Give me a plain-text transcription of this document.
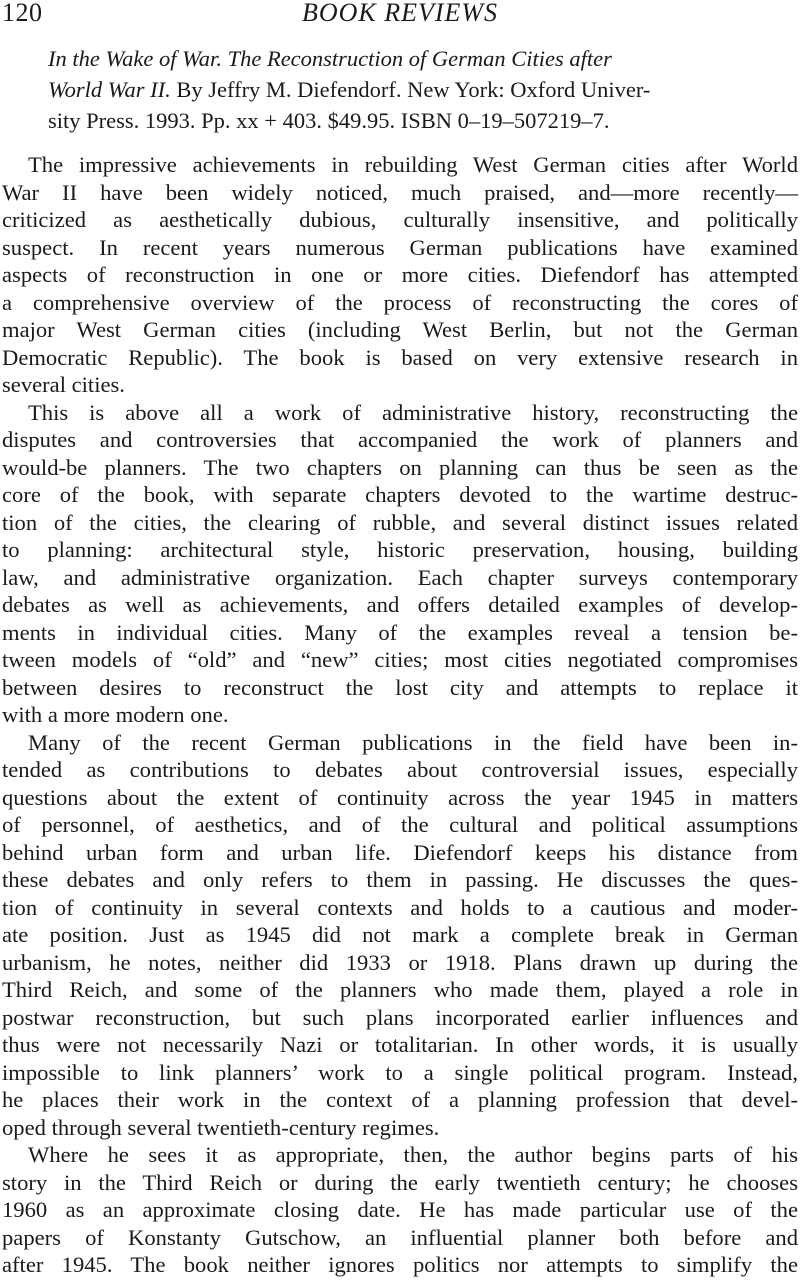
120	BOOK REVIEWS
In the Wake of War. The Reconstruction of German Cities after
World War II. By Jeffry M. Diefendorf. New York: Oxford Univer-
sity Press. 1993. Pp. xx + 403. $49.95. ISBN 0–19–507219–7.

The impressive achievements in rebuilding West German cities after World
War II have been widely noticed, much praised, and—more recently—
criticized as aesthetically dubious, culturally insensitive, and politically
suspect. In recent years numerous German publications have examined
aspects of reconstruction in one or more cities. Diefendorf has attempted
a comprehensive overview of the process of reconstructing the cores of
major West German cities (including West Berlin, but not the German
Democratic Republic). The book is based on very extensive research in
several cities.

This is above all a work of administrative history, reconstructing the
disputes and controversies that accompanied the work of planners and
would-be planners. The two chapters on planning can thus be seen as the
core of the book, with separate chapters devoted to the wartime destruc-
tion of the cities, the clearing of rubble, and several distinct issues related
to planning: architectural style, historic preservation, housing, building
law, and administrative organization. Each chapter surveys contemporary
debates as well as achievements, and offers detailed examples of develop-
ments in individual cities. Many of the examples reveal a tension be-
tween models of “old” and “new” cities; most cities negotiated compromises
between desires to reconstruct the lost city and attempts to replace it
with a more modern one.

Many of the recent German publications in the field have been in-
tended as contributions to debates about controversial issues, especially
questions about the extent of continuity across the year 1945 in matters
of personnel, of aesthetics, and of the cultural and political assumptions
behind urban form and urban life. Diefendorf keeps his distance from
these debates and only refers to them in passing. He discusses the ques-
tion of continuity in several contexts and holds to a cautious and moder-
ate position. Just as 1945 did not mark a complete break in German
urbanism, he notes, neither did 1933 or 1918. Plans drawn up during the
Third Reich, and some of the planners who made them, played a role in
postwar reconstruction, but such plans incorporated earlier influences and
thus were not necessarily Nazi or totalitarian. In other words, it is usually
impossible to link planners’ work to a single political program. Instead,
he places their work in the context of a planning profession that devel-
oped through several twentieth-century regimes.

Where he sees it as appropriate, then, the author begins parts of his
story in the Third Reich or during the early twentieth century; he chooses
1960 as an approximate closing date. He has made particular use of the
papers of Konstanty Gutschow, an influential planner both before and
after 1945. The book neither ignores politics nor attempts to simplify the
